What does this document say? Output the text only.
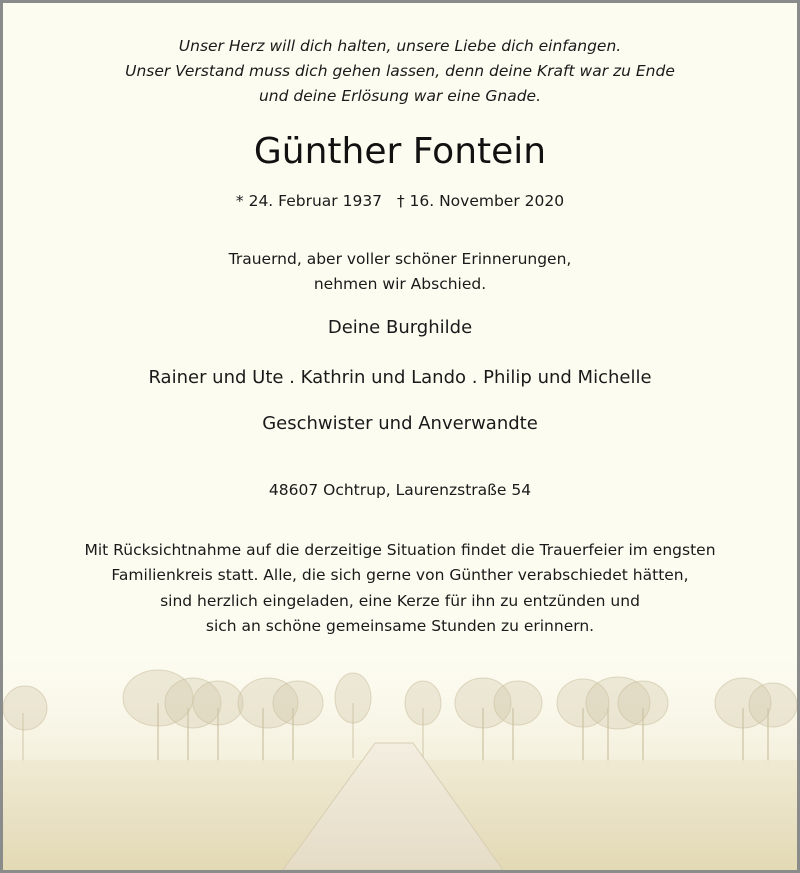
Unser Herz will dich halten, unsere Liebe dich einfangen.
Unser Verstand muss dich gehen lassen, denn deine Kraft war zu Ende
und deine Erlösung war eine Gnade.
Günther Fontein
* 24. Februar 1937   † 16. November 2020
Trauernd, aber voller schöner Erinnerungen,
nehmen wir Abschied.
Deine Burghilde
Rainer und Ute . Kathrin und Lando . Philip und Michelle
Geschwister und Anverwandte
48607 Ochtrup, Laurenzstraße 54
Mit Rücksichtnahme auf die derzeitige Situation findet die Trauerfeier im engsten
Familienkreis statt. Alle, die sich gerne von Günther verabschiedet hätten,
sind herzlich eingeladen, eine Kerze für ihn zu entzünden und
sich an schöne gemeinsame Stunden zu erinnern.
